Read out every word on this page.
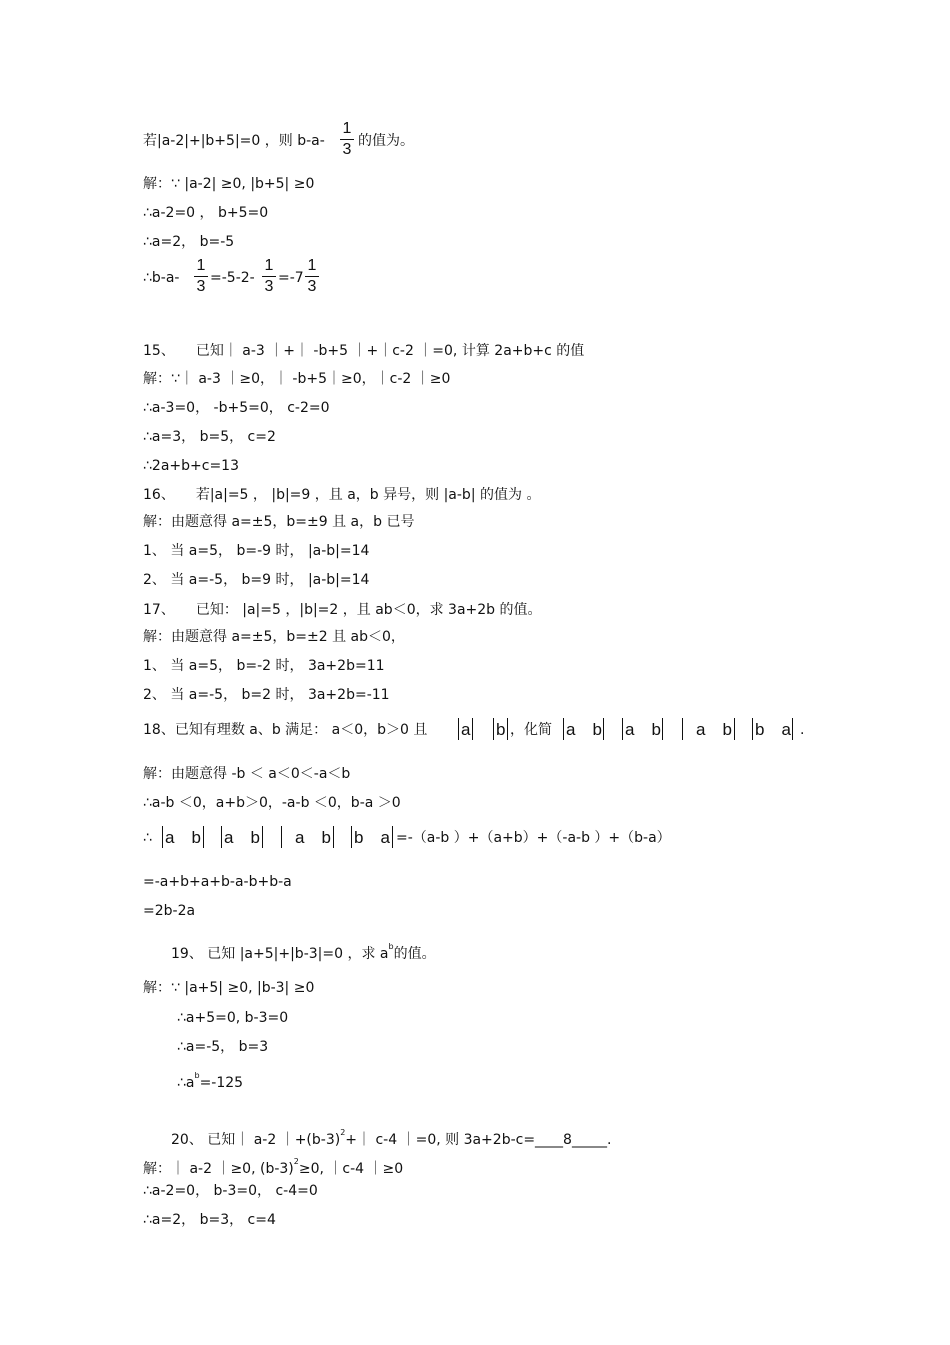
若|a-2|+|b+5|=0 ，则 b-a-
1
3 的值为。
解：∵ |a-2| ≥0, |b+5| ≥0
∴a-2=0 ， b+5=0
∴a=2， b=-5
∴b-a-
1
3 =-5-2-
1
3 =-7
1
3
15、　　已知｜ a-3 ｜+｜ -b+5 ｜+｜c-2 ｜=0, 计算 2a+b+c 的值
解：∵｜ a-3 ｜≥0，｜ -b+5｜≥0，｜c-2 ｜≥0
∴a-3=0， -b+5=0， c-2=0
∴a=3， b=5， c=2
∴2a+b+c=13
16、　　若|a|=5 ， |b|=9 ，且 a，b 异号，则 |a-b| 的值为 。
解：由题意得 a=±5，b=±9 且 a，b 已号
1、 当 a=5， b=-9 时， |a-b|=14
2、 当 a=-5， b=9 时， |a-b|=14
17、　　已知： |a|=5 ，|b|=2 ，且 ab＜0，求 3a+2b 的值。
解：由题意得 a=±5，b=±2 且 ab＜0，
1、 当 a=5， b=-2 时， 3a+2b=11
2、 当 a=-5， b=2 时， 3a+2b=-11
18、已知有理数 a、b 满足： a＜0，b＞0 且 a b ，化简 a　b a　b a　b b　a .
解：由题意得 -b ＜ a＜0＜-a＜b
∴a-b ＜0，a+b＞0，-a-b ＜0，b-a ＞0
∴ a　b a　b a　b b　a =-（a-b ）+（a+b）+（-a-b ）+（b-a）
=-a+b+a+b-a-b+b-a
=2b-2a
19、 已知 |a+5|+|b-3|=0 ，求 $a^b$的值。
解：∵ |a+5| ≥0, |b-3| ≥0
∴a+5=0, b-3=0
∴a=-5， b=3
$\therefore a^b=-125$
20、 已知｜ a-2 $|+(b-3)^2+|$ c-4 ｜=0, 则 3a+2b-c=____8_____.
解：｜ a-2 ｜≥0, $(b-3)^2\ge 0$, ｜c-4 ｜≥0
∴a-2=0， b-3=0， c-4=0
∴a=2， b=3， c=4
